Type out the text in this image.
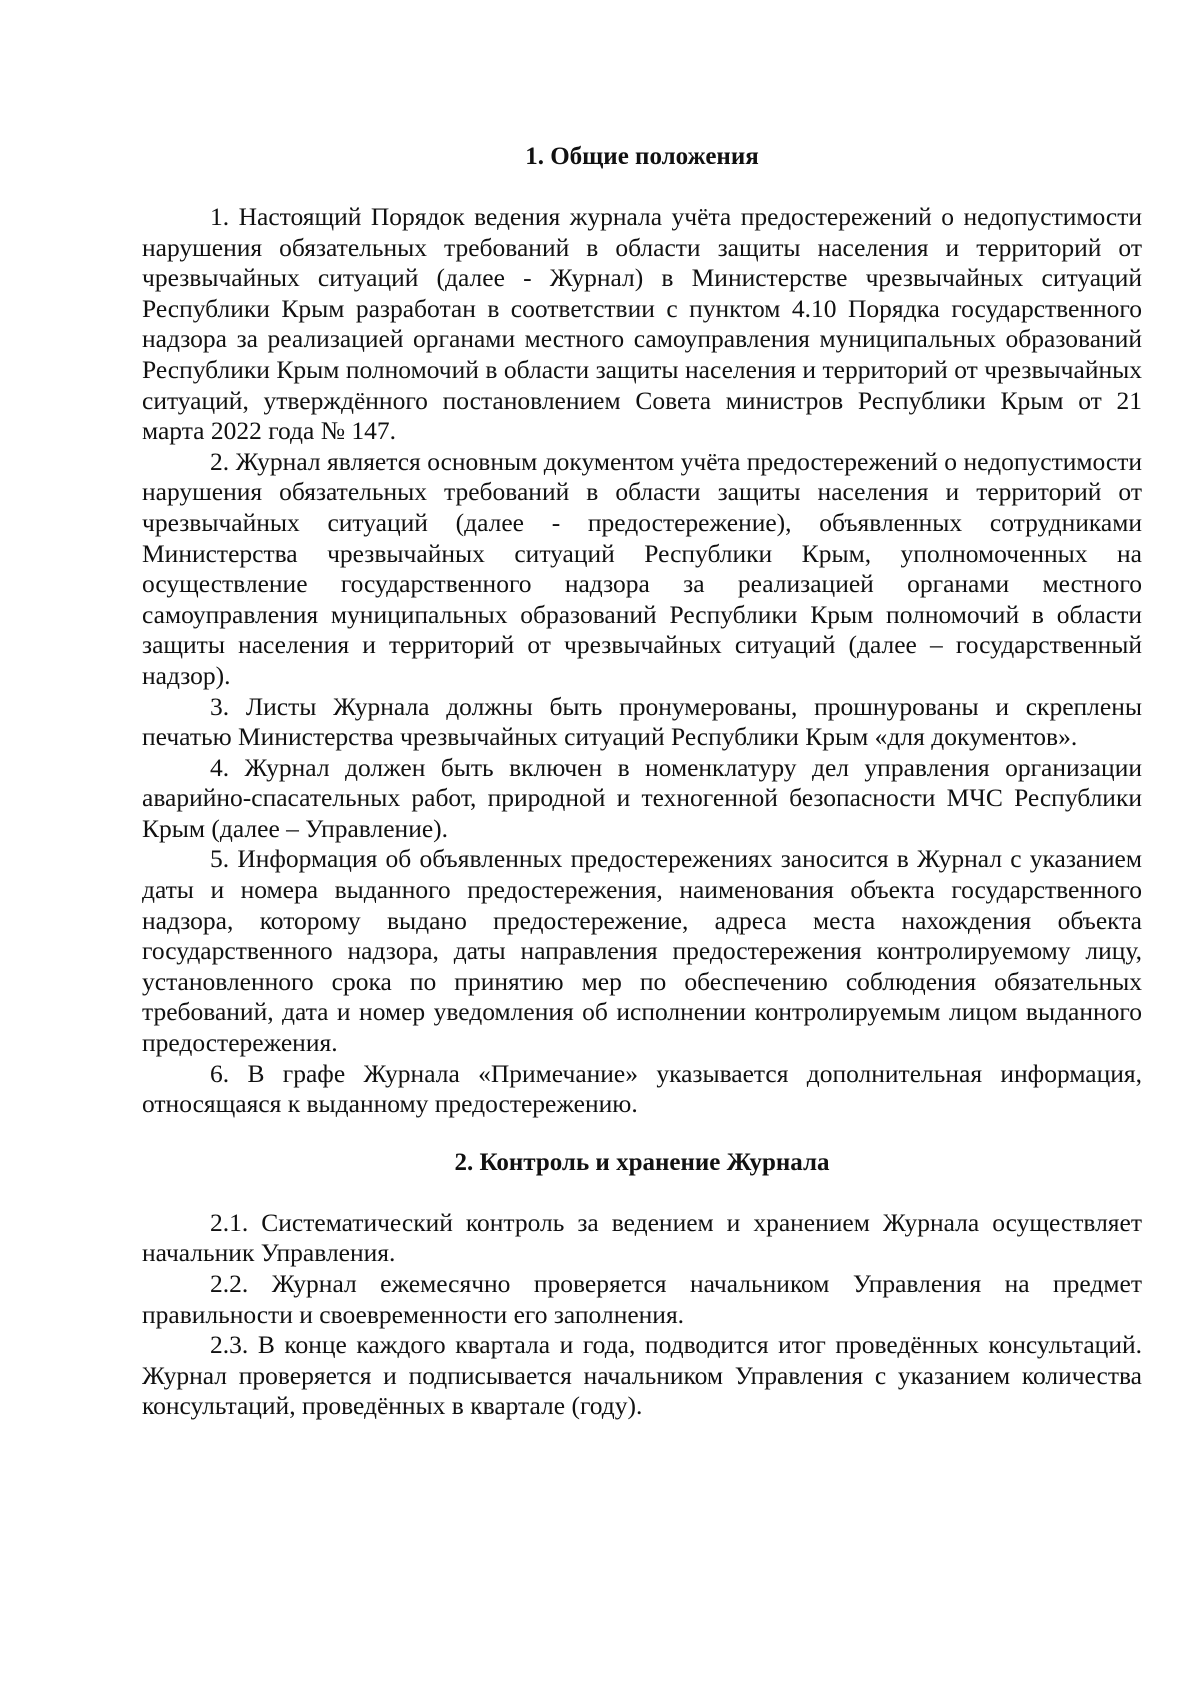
1. Общие положения

1. Настоящий Порядок ведения журнала учёта предостережений о недопустимости нарушения обязательных требований в области защиты населения и территорий от чрезвычайных ситуаций (далее - Журнал) в Министерстве чрезвычайных ситуаций Республики Крым разработан в соответствии с пунктом 4.10 Порядка государственного надзора за реализацией органами местного самоуправления муниципальных образований Республики Крым полномочий в области защиты населения и территорий от чрезвычайных ситуаций, утверждённого постановлением Совета министров Республики Крым от 21 марта 2022 года № 147.

2. Журнал является основным документом учёта предостережений о недопустимости нарушения обязательных требований в области защиты населения и территорий от чрезвычайных ситуаций (далее - предостережение), объявленных сотрудниками Министерства чрезвычайных ситуаций Республики Крым, уполномоченных на осуществление государственного надзора за реализацией органами местного самоуправления муниципальных образований Республики Крым полномочий в области защиты населения и территорий от чрезвычайных ситуаций (далее – государственный надзор).

3. Листы Журнала должны быть пронумерованы, прошнурованы и скреплены печатью Министерства чрезвычайных ситуаций Республики Крым «для документов».

4. Журнал должен быть включен в номенклатуру дел управления организации аварийно-спасательных работ, природной и техногенной безопасности МЧС Республики Крым (далее – Управление).

5. Информация об объявленных предостережениях заносится в Журнал с указанием даты и номера выданного предостережения, наименования объекта государственного надзора, которому выдано предостережение, адреса места нахождения объекта государственного надзора, даты направления предостережения контролируемому лицу, установленного срока по принятию мер по обеспечению соблюдения обязательных требований, дата и номер уведомления об исполнении контролируемым лицом выданного предостережения.

6. В графе Журнала «Примечание» указывается дополнительная информация, относящаяся к выданному предостережению.

2. Контроль и хранение Журнала

2.1. Систематический контроль за ведением и хранением Журнала осуществляет начальник Управления.

2.2. Журнал ежемесячно проверяется начальником Управления на предмет правильности и своевременности его заполнения.

2.3. В конце каждого квартала и года, подводится итог проведённых консультаций. Журнал проверяется и подписывается начальником Управления с указанием количества консультаций, проведённых в квартале (году).
